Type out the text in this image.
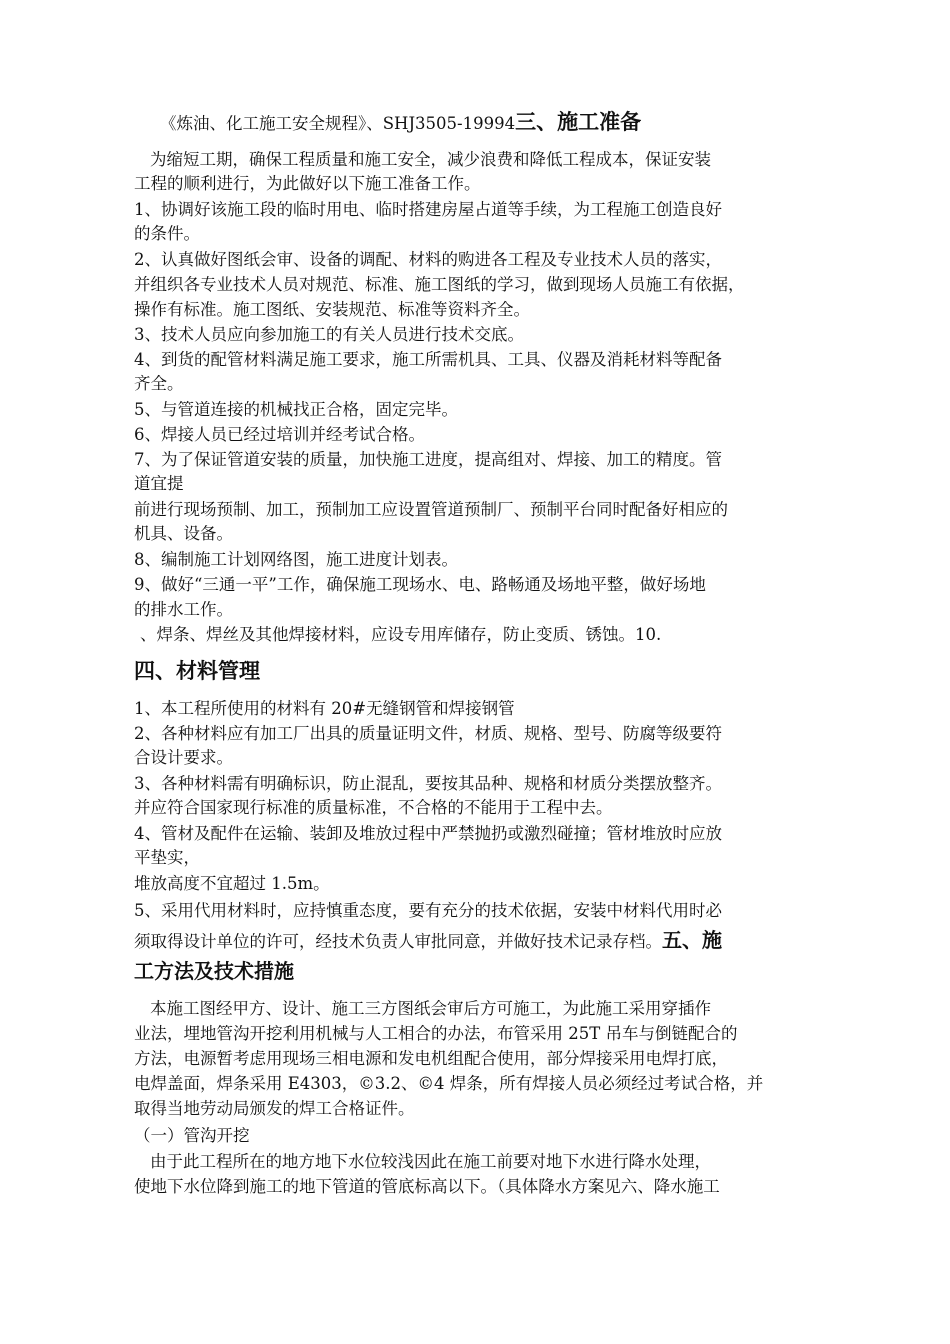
《炼油、化工施工安全规程》、SHJ3505-19994三、施工准备
为缩短工期，确保工程质量和施工安全，减少浪费和降低工程成本，保证安装
工程的顺利进行，为此做好以下施工准备工作。
1、协调好该施工段的临时用电、临时搭建房屋占道等手续，为工程施工创造良好
的条件。
2、认真做好图纸会审、设备的调配、材料的购进各工程及专业技术人员的落实，
并组织各专业技术人员对规范、标准、施工图纸的学习，做到现场人员施工有依据，
操作有标准。施工图纸、安装规范、标准等资料齐全。
3、技术人员应向参加施工的有关人员进行技术交底。
4、到货的配管材料满足施工要求，施工所需机具、工具、仪器及消耗材料等配备
齐全。
5、与管道连接的机械找正合格，固定完毕。
6、焊接人员已经过培训并经考试合格。
7、为了保证管道安装的质量，加快施工进度，提高组对、焊接、加工的精度。管
道宜提
前进行现场预制、加工，预制加工应设置管道预制厂、预制平台同时配备好相应的
机具、设备。
8、编制施工计划网络图，施工进度计划表。
9、做好“三通一平”工作，确保施工现场水、电、路畅通及场地平整，做好场地
的排水工作。
、焊条、焊丝及其他焊接材料，应设专用库储存，防止变质、锈蚀。10.
四、材料管理
1、本工程所使用的材料有 20#无缝钢管和焊接钢管
2、各种材料应有加工厂出具的质量证明文件，材质、规格、型号、防腐等级要符
合设计要求。
3、各种材料需有明确标识，防止混乱，要按其品种、规格和材质分类摆放整齐。
并应符合国家现行标准的质量标准，不合格的不能用于工程中去。
4、管材及配件在运输、装卸及堆放过程中严禁抛扔或激烈碰撞；管材堆放时应放
平垫实，
堆放高度不宜超过 1.5m。
5、采用代用材料时，应持慎重态度，要有充分的技术依据，安装中材料代用时必
须取得设计单位的许可，经技术负责人审批同意，并做好技术记录存档。五、施
工方法及技术措施
本施工图经甲方、设计、施工三方图纸会审后方可施工，为此施工采用穿插作
业法，埋地管沟开挖利用机械与人工相合的办法，布管采用 25T 吊车与倒链配合的
方法，电源暂考虑用现场三相电源和发电机组配合使用，部分焊接采用电焊打底，
电焊盖面，焊条采用 E4303，©3.2、©4 焊条，所有焊接人员必须经过考试合格，并
取得当地劳动局颁发的焊工合格证件。
（一）管沟开挖
由于此工程所在的地方地下水位较浅因此在施工前要对地下水进行降水处理，
使地下水位降到施工的地下管道的管底标高以下。（具体降水方案见六、降水施工
